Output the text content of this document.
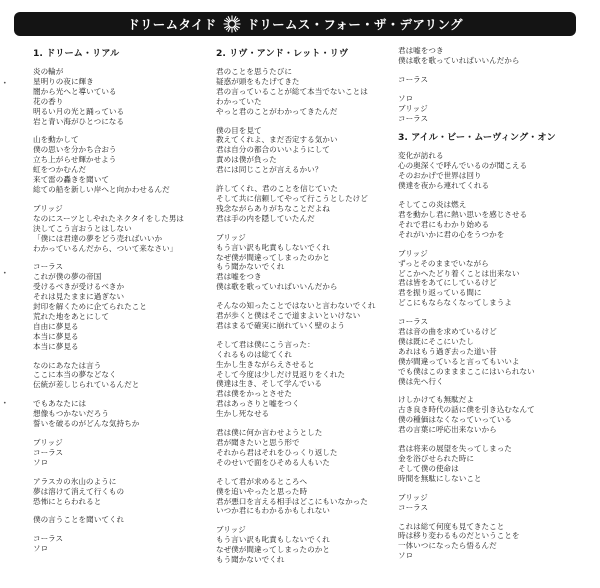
ドリームタイド ドリームス・フォー・ザ・デアリング
1. ドリーム・リアル
炎の輪が
星明りの夜に輝き
闇から光へと導いている
花の香り
明るい月の光と踊っている
岩と青い海がひとつになる
山を動かして
僕の思いを分かち合おう
立ち上がらせ輝かせよう
虹をつかむんだ
来て雷の轟きを聞いて
総ての船を新しい岸へと向かわせるんだ
ブリッジ
なのにスーツとしやれたネクタイをした男は
決してこう言おうとはしない
「僕には君達の夢をどう売ればいいか
わかっているんだから、ついて来なさい」
コーラス
これが僕の夢の帝国
受けるべきが受けるべきか
それは見たままに過ぎない
封印を解くために企てられたこと
荒れた地をあとにして
自由に夢見る
本当に夢見る
本当に夢見る
なのにあなたは言う
ここに本当の夢などなく
伝統が差しじられているんだと
でもあなたには
想像もつかないだろう
誓いを破るのがどんな気持ちか
ブリッジ
コーラス
ソロ
アラスカの氷山のように
夢は溶けて消えて行くもの
恐怖にとらわれると
僕の言うことを聞いてくれ
コーラス
ソロ
2. リヴ・アンド・レット・リヴ
君のことを思うたびに
疑惑が頭をもたげてきた
君の言っていることが総て本当でないことは
わかっていた
やっと君のことがわかってきたんだ
僕の目を見て
教えてくれよ、まだ否定する気かい
君は自分の都合のいいようにして
責めは僕が負った
君には同じことが言えるかい？
許してくれ、君のことを信じていた
そして共に信頼してやって行こうとしたけど
残念ながらありがちなことだよね
君は手の内を隠していたんだ
ブリッジ
もう言い訳も叱責もしないでくれ
なぜ僕が間違ってしまったのかと
もう聞かないでくれ
君は嘘をつき
僕は歌を歌っていればいいんだから
そんなの知ったことではないと言わないでくれ
君が歩くと僕はそこで道まよいといけない
君はまるで確実に崩れていく壁のよう
そして君は僕にこう言った：
くれるものは総てくれ
生かし生きながらえさせると
そして今度は少しだけ見返りをくれた
僕達は生き、そして学んでいる
君は僕をかっとさせた
君はあっさりと嘘をつく
生かし死なせる
君は僕に何か言わせようとした
君が聞きたいと思う形で
それから君はそれをひっくり返した
そのせいで面をひそめる人もいた
そして君が求めるところへ
僕を追いやったと思った時
君が悪口を言える相手はどこにもいなかった
いつか君にもわかるかもしれない
ブリッジ
もう言い訳も叱責もしないでくれ
なぜ僕が間違ってしまったのかと
もう聞かないでくれ
君は嘘をつき
僕は歌を歌っていればいいんだから
コーラス
ソロ
ブリッジ
コーラス
3. アイル・ビー・ムーヴィング・オン
変化が訪れる
心の奥深くで呼んでいるのが聞こえる
そのおかげで世界は回り
僕達を夜から連れてくれる
そしてこの炎は燃え
君を動かし君に熱い思いを感じさせる
それで君にもわかり始める
それがいかに君の心をうつかを
ブリッジ
ずっとそのままでいながら
どこかへたどり着くことは出来ない
君は皆をあてにしているけど
君を振り返っている間に
どこにもならなくなってしまうよ
コーラス
君は音の曲を求めているけど
僕は既にそこにいたし
あれはもう過ぎ去った道い昔
僕が間違っていると言ってもいいよ
でも僕はこのまままここにはいられない
僕は先へ行く
けしかけても無駄だよ
古き良き時代の話に僕を引き込むなんて
僕の種価はなくなっていっている
君の言葉に呼応出来ないから
君は将来の展望を失ってしまった
金を浴びせられた時に
そして僕の使命は
時間を無駄にしないこと
ブリッジ
コーラス
これは総て何度も見てきたこと
時は移り変わるものだということを
一体いつになったら悟るんだ
ソロ
•
•
•
